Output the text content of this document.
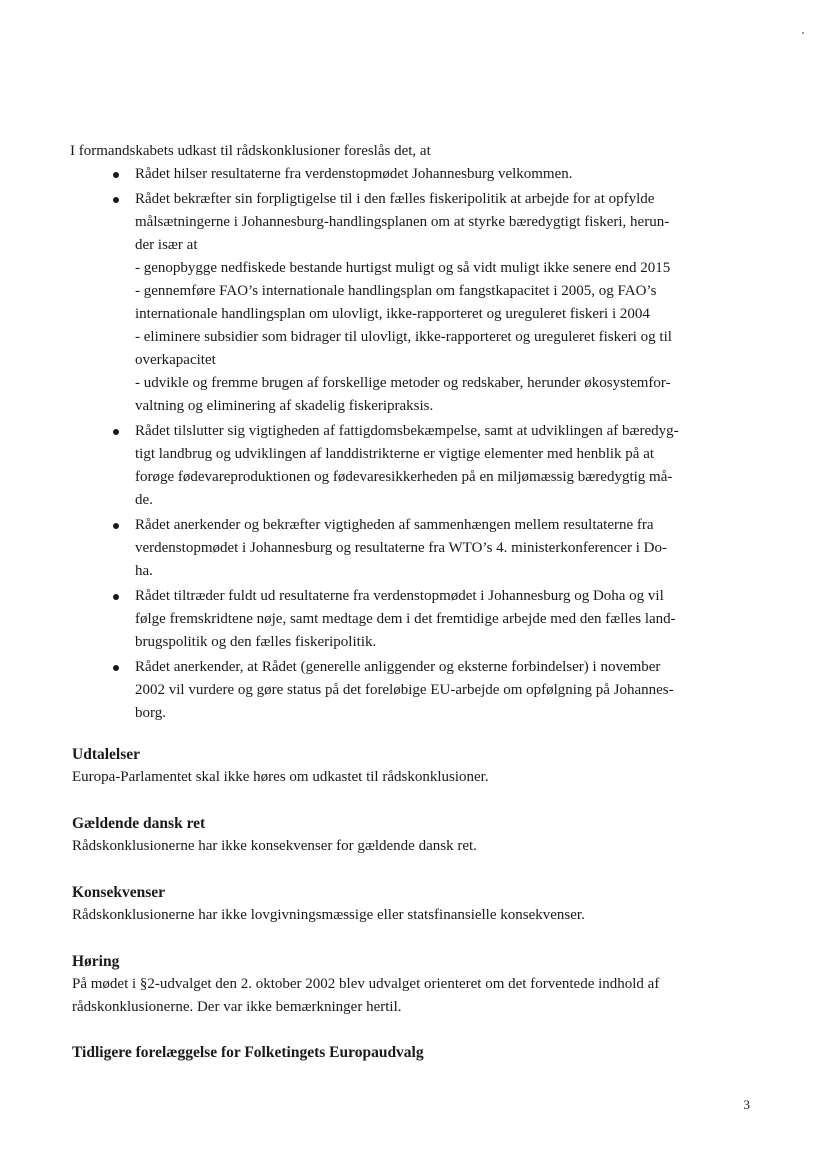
I formandskabets udkast til rådskonklusioner foreslås det, at
Rådet hilser resultaterne fra verdenstopmødet Johannesburg velkommen.
Rådet bekræfter sin forpligtigelse til i den fælles fiskeripolitik at arbejde for at opfylde
målsætningerne i Johannesburg-handlingsplanen om at styrke bæredygtigt fiskeri, herun-
der især at
- genopbygge nedfiskede bestande hurtigst muligt og så vidt muligt ikke senere end 2015
- gennemføre FAO’s internationale handlingsplan om fangstkapacitet i 2005, og FAO’s
internationale handlingsplan om ulovligt, ikke-rapporteret og ureguleret fiskeri i 2004
- eliminere subsidier som bidrager til ulovligt, ikke-rapporteret og ureguleret fiskeri og til
overkapacitet
- udvikle og fremme brugen af forskellige metoder og redskaber, herunder økosystemfor-
valtning og eliminering af skadelig fiskeripraksis.
Rådet tilslutter sig vigtigheden af fattigdomsbekæmpelse, samt at udviklingen af bæredyg-
tigt landbrug og udviklingen af landdistrikterne er vigtige elementer med henblik på at
forøge fødevareproduktionen og fødevaresikkerheden på en miljømæssig bæredygtig må-
de.
Rådet anerkender og bekræfter vigtigheden af sammenhængen mellem resultaterne fra
verdenstopmødet i Johannesburg og resultaterne fra WTO’s 4. ministerkonferencer i Do-
ha.
Rådet tiltræder fuldt ud resultaterne fra verdenstopmødet i Johannesburg og Doha og vil
følge fremskridtene nøje, samt medtage dem i det fremtidige arbejde med den fælles land-
brugspolitik og den fælles fiskeripolitik.
Rådet anerkender, at Rådet (generelle anliggender og eksterne forbindelser) i november
2002 vil vurdere og gøre status på det foreløbige EU-arbejde om opfølgning på Johannes-
borg.
Udtalelser

Europa-Parlamentet skal ikke høres om udkastet til rådskonklusioner.

Gældende dansk ret

Rådskonklusionerne har ikke konsekvenser for gældende dansk ret.

Konsekvenser

Rådskonklusionerne har ikke lovgivningsmæssige eller statsfinansielle konsekvenser.

Høring

På mødet i §2-udvalget den 2. oktober 2002 blev udvalget orienteret om det forventede indhold af

rådskonklusionerne. Der var ikke bemærkninger hertil.

Tidligere forelæggelse for Folketingets Europaudvalg
3
